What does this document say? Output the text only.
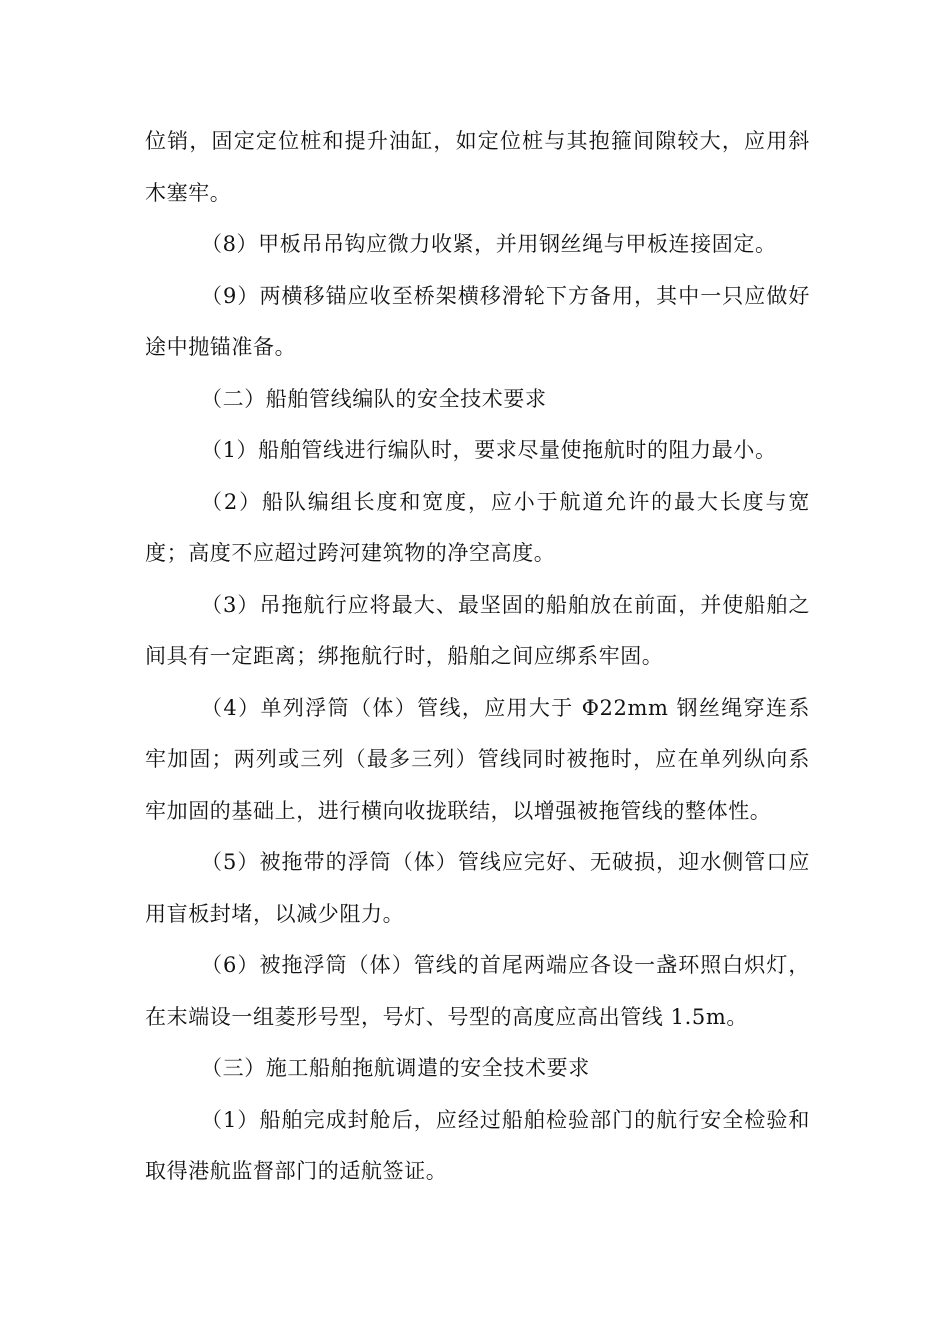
位销，固定定位桩和提升油缸，如定位桩与其抱箍间隙较大，应用斜木塞牢。

（8）甲板吊吊钩应微力收紧，并用钢丝绳与甲板连接固定。

（9）两横移锚应收至桥架横移滑轮下方备用，其中一只应做好途中抛锚准备。

（二）船舶管线编队的安全技术要求

（1）船舶管线进行编队时，要求尽量使拖航时的阻力最小。

（2）船队编组长度和宽度，应小于航道允许的最大长度与宽度；高度不应超过跨河建筑物的净空高度。

（3）吊拖航行应将最大、最坚固的船舶放在前面，并使船舶之间具有一定距离；绑拖航行时，船舶之间应绑系牢固。

（4）单列浮筒（体）管线，应用大于 Φ22mm 钢丝绳穿连系牢加固；两列或三列（最多三列）管线同时被拖时，应在单列纵向系牢加固的基础上，进行横向收拢联结，以增强被拖管线的整体性。

（5）被拖带的浮筒（体）管线应完好、无破损，迎水侧管口应用盲板封堵，以减少阻力。

（6）被拖浮筒（体）管线的首尾两端应各设一盏环照白炽灯，在末端设一组菱形号型，号灯、号型的高度应高出管线 1.5m。

（三）施工船舶拖航调遣的安全技术要求

（1）船舶完成封舱后，应经过船舶检验部门的航行安全检验和取得港航监督部门的适航签证。
